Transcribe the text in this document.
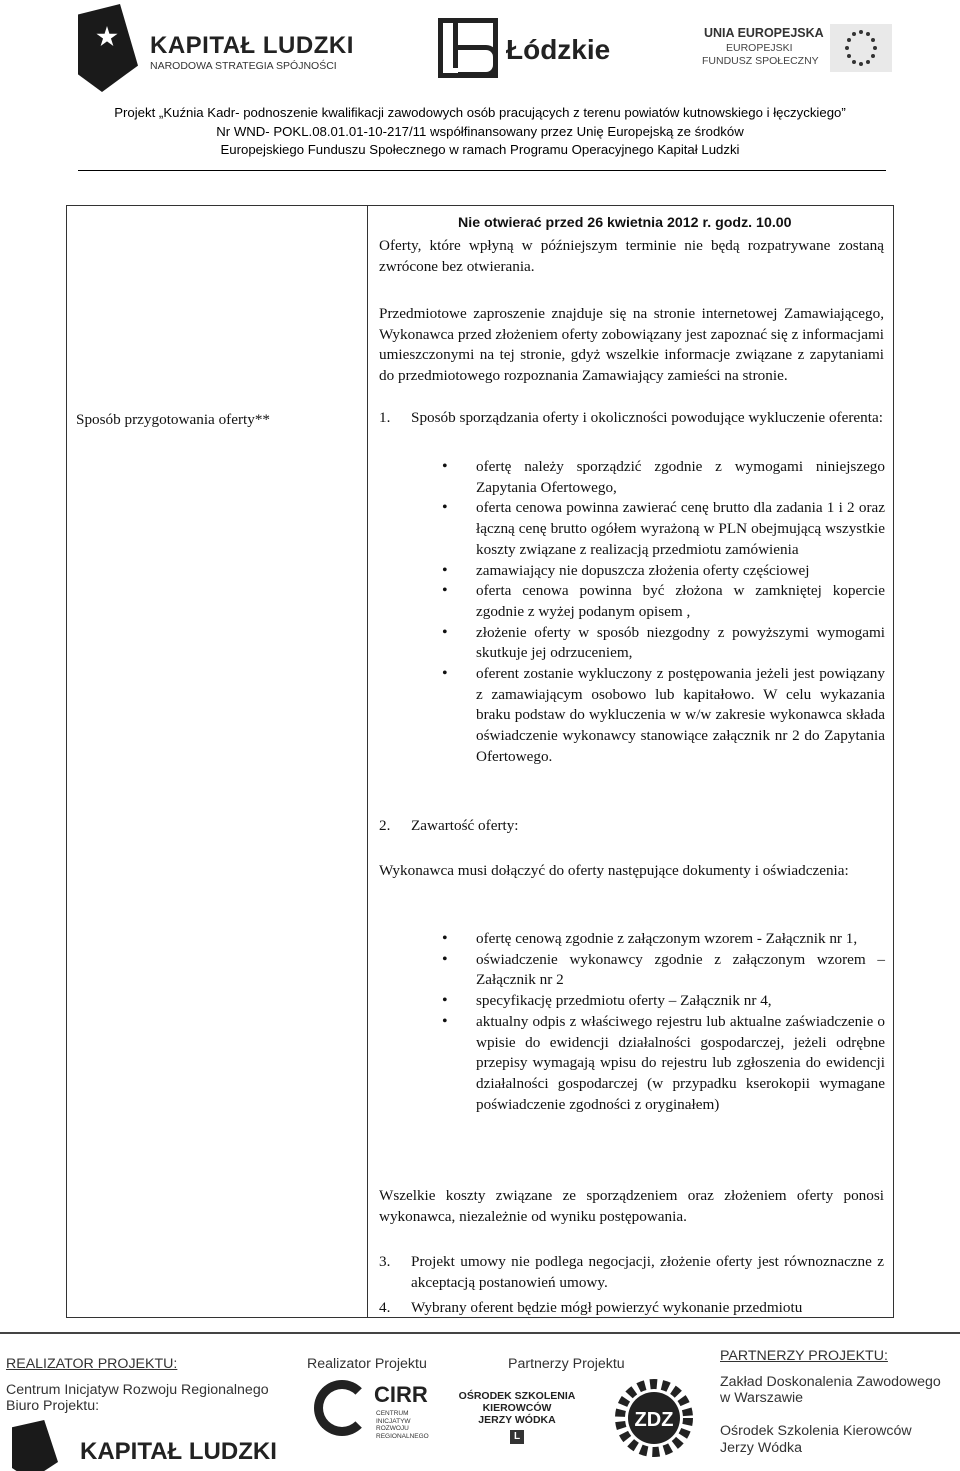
KAPITAŁ LUDZKI
NARODOWA STRATEGIA SPÓJNOŚCI
Łódzkie
UNIA EUROPEJSKA
EUROPEJSKI
FUNDUSZ SPOŁECZNY
Projekt „Kuźnia Kadr- podnoszenie kwalifikacji zawodowych osób pracujących z terenu powiatów kutnowskiego i łęczyckiego”
Nr WND- POKL.08.01.01-10-217/11 współfinansowany przez Unię Europejską ze środków
Europejskiego Funduszu Społecznego w ramach Programu Operacyjnego Kapitał Ludzki
Sposób przygotowania oferty**
Nie otwierać przed 26 kwietnia 2012 r. godz. 10.00

Oferty, które wpłyną w późniejszym terminie nie będą rozpatrywane zostaną zwrócone bez otwierania.

Przedmiotowe zaproszenie znajduje się na stronie internetowej Zamawiającego, Wykonawca przed złożeniem oferty zobowiązany jest zapoznać się z informacjami umieszczonymi na tej stronie, gdyż wszelkie informacje związane z zapytaniami do przedmiotowego rozpoznania Zamawiający zamieści na stronie.

1. Sposób sporządzania oferty i okoliczności powodujące wykluczenie oferenta:
• ofertę należy sporządzić zgodnie z wymogami niniejszego Zapytania Ofertowego,
• oferta cenowa powinna zawierać cenę brutto dla zadania 1 i 2 oraz łączną cenę brutto ogółem wyrażoną w PLN obejmującą wszystkie koszty związane z realizacją przedmiotu zamówienia
• zamawiający nie dopuszcza złożenia oferty częściowej
• oferta cenowa powinna być złożona w zamkniętej kopercie zgodnie z wyżej podanym opisem ,
• złożenie oferty w sposób niezgodny z powyższymi wymogami skutkuje jej odrzuceniem,
• oferent zostanie wykluczony z postępowania jeżeli jest powiązany z zamawiającym osobowo lub kapitałowo. W celu wykazania braku podstaw do wykluczenia w w/w zakresie wykonawca składa oświadczenie wykonawcy stanowiące załącznik nr 2 do Zapytania Ofertowego.
2. Zawartość oferty:

Wykonawca musi dołączyć do oferty następujące dokumenty i oświadczenia:

• ofertę cenową zgodnie z załączonym wzorem - Załącznik nr 1,
• oświadczenie wykonawcy zgodnie z załączonym wzorem – Załącznik nr 2
• specyfikację przedmiotu oferty – Załącznik nr 4,
• aktualny odpis z właściwego rejestru lub aktualne zaświadczenie o wpisie do ewidencji działalności gospodarczej, jeżeli odrębne przepisy wymagają wpisu do rejestru lub zgłoszenia do ewidencji działalności gospodarczej (w przypadku kserokopii wymagane poświadczenie zgodności z oryginałem)

Wszelkie koszty związane ze sporządzeniem oraz złożeniem oferty ponosi wykonawca, niezależnie od wyniku postępowania.

3. Projekt umowy nie podlega negocjacji, złożenie oferty jest równoznaczne z akceptacją postanowień umowy.
4. Wybrany oferent będzie mógł powierzyć wykonanie przedmiotu
REALIZATOR PROJEKTU:
Centrum Inicjatyw Rozwoju Regionalnego
Biuro Projektu:
Realizator Projektu	Partnerzy Projektu	PARTNERZY PROJEKTU:
Zakład Doskonalenia Zawodowego
w Warszawie
Ośrodek Szkolenia Kierowców
Jerzy Wódka
CIRR
CENTRUM INICJATYW ROZWOJU REGIONALNEGO
OŚRODEK SZKOLENIA
KIEROWCÓW
JERZY WÓDKA
L
ZDZ
KAPITAŁ LUDZKI
